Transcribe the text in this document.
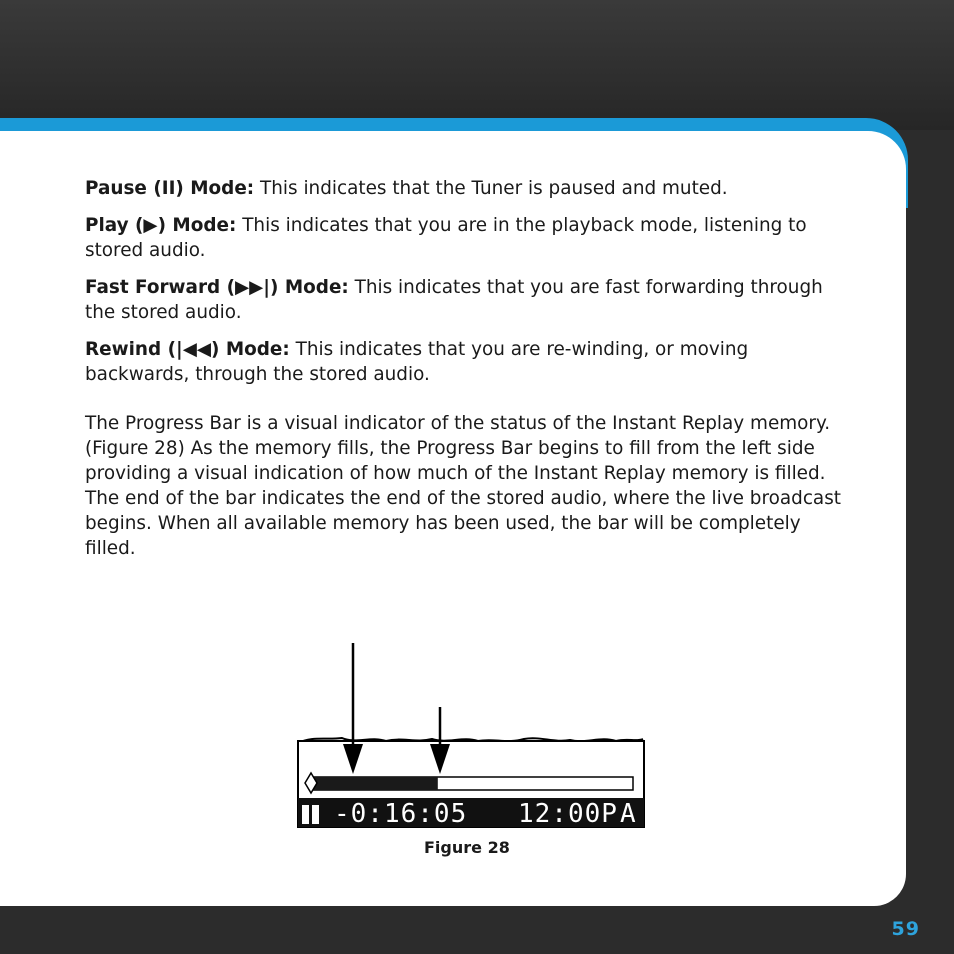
Pause (II) Mode: This indicates that the Tuner is paused and muted.

Play (▶) Mode: This indicates that you are in the playback mode, listening to stored audio.

Fast Forward (▶▶|) Mode: This indicates that you are fast forwarding through the stored audio.

Rewind (|◀◀) Mode: This indicates that you are re-winding, or moving backwards, through the stored audio.

The Progress Bar is a visual indicator of the status of the Instant Replay memory. (Figure 28) As the memory fills, the Progress Bar begins to fill from the left side providing a visual indication of how much of the Instant Replay memory is filled. The end of the bar indicates the end of the stored audio, where the live broadcast begins. When all available memory has been used, the bar will be completely filled.

-0:16:05 12:00P A
Figure 28
59
